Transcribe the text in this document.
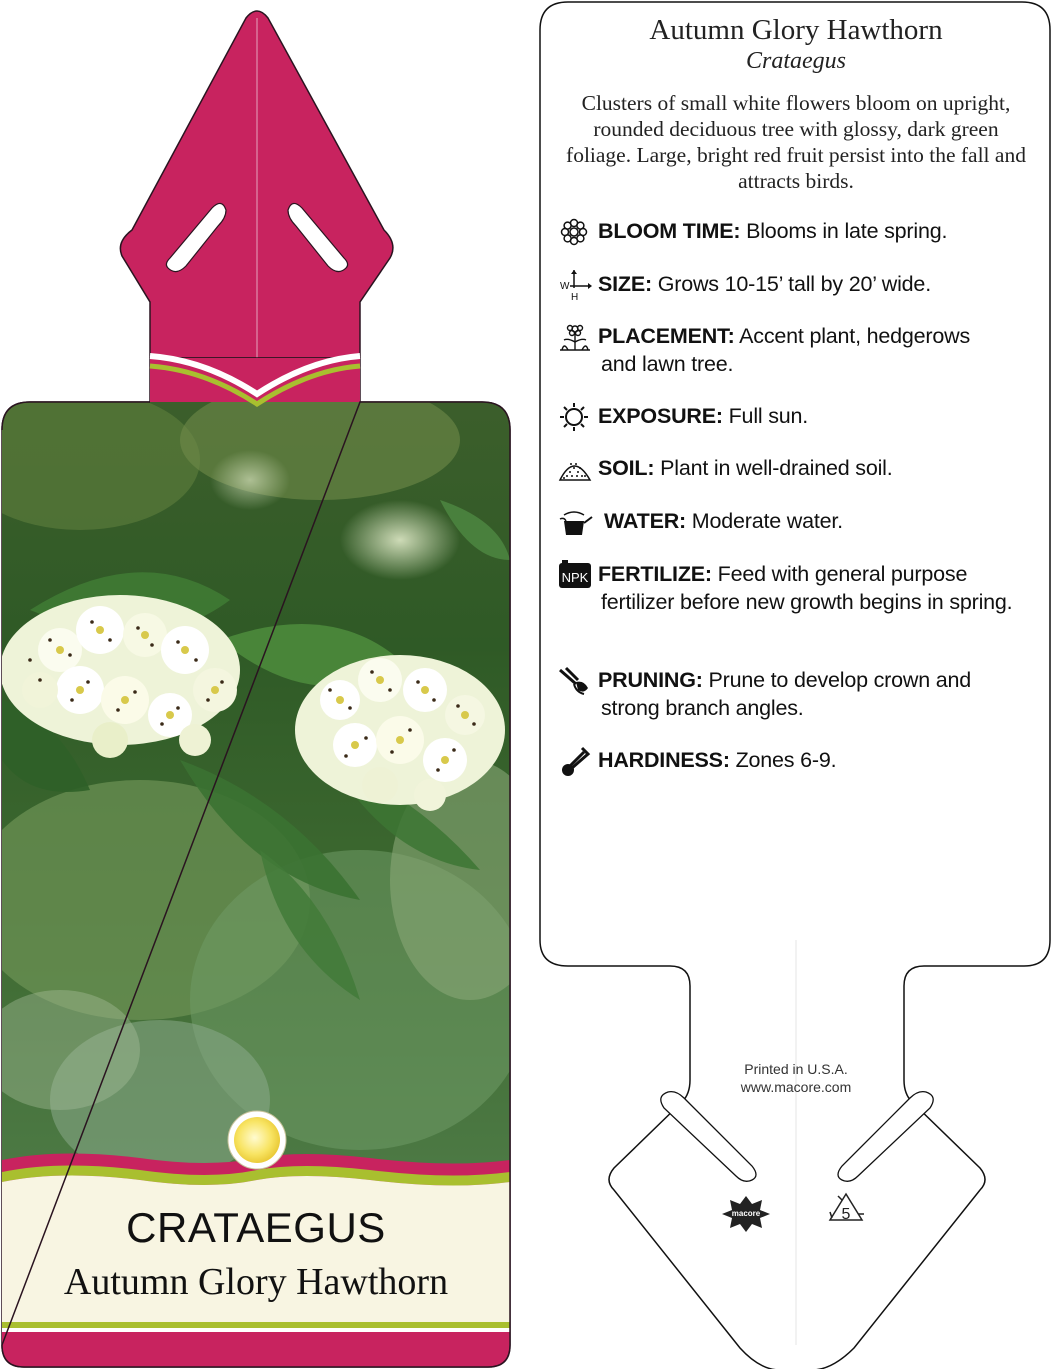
macore	5
CRATAEGUS
Autumn Glory Hawthorn
Autumn Glory Hawthorn
Crataegus
Clusters of small white flowers bloom on upright, rounded deciduous tree with glossy, dark green foliage. Large, bright red fruit persist into the fall and attracts birds.
BLOOM TIME: Blooms in late spring.
W
H
SIZE: Grows 10-15’ tall by 20’ wide.
PLACEMENT: Accent plant, hedgerows
and lawn tree.
EXPOSURE: Full sun.
SOIL: Plant in well-drained soil.
WATER: Moderate water.
NPK FERTILIZE: Feed with general purpose
fertilizer before new growth begins in spring.
PRUNING: Prune to develop crown and
strong branch angles.
HARDINESS: Zones 6-9.
Printed in U.S.A.
www.macore.com
